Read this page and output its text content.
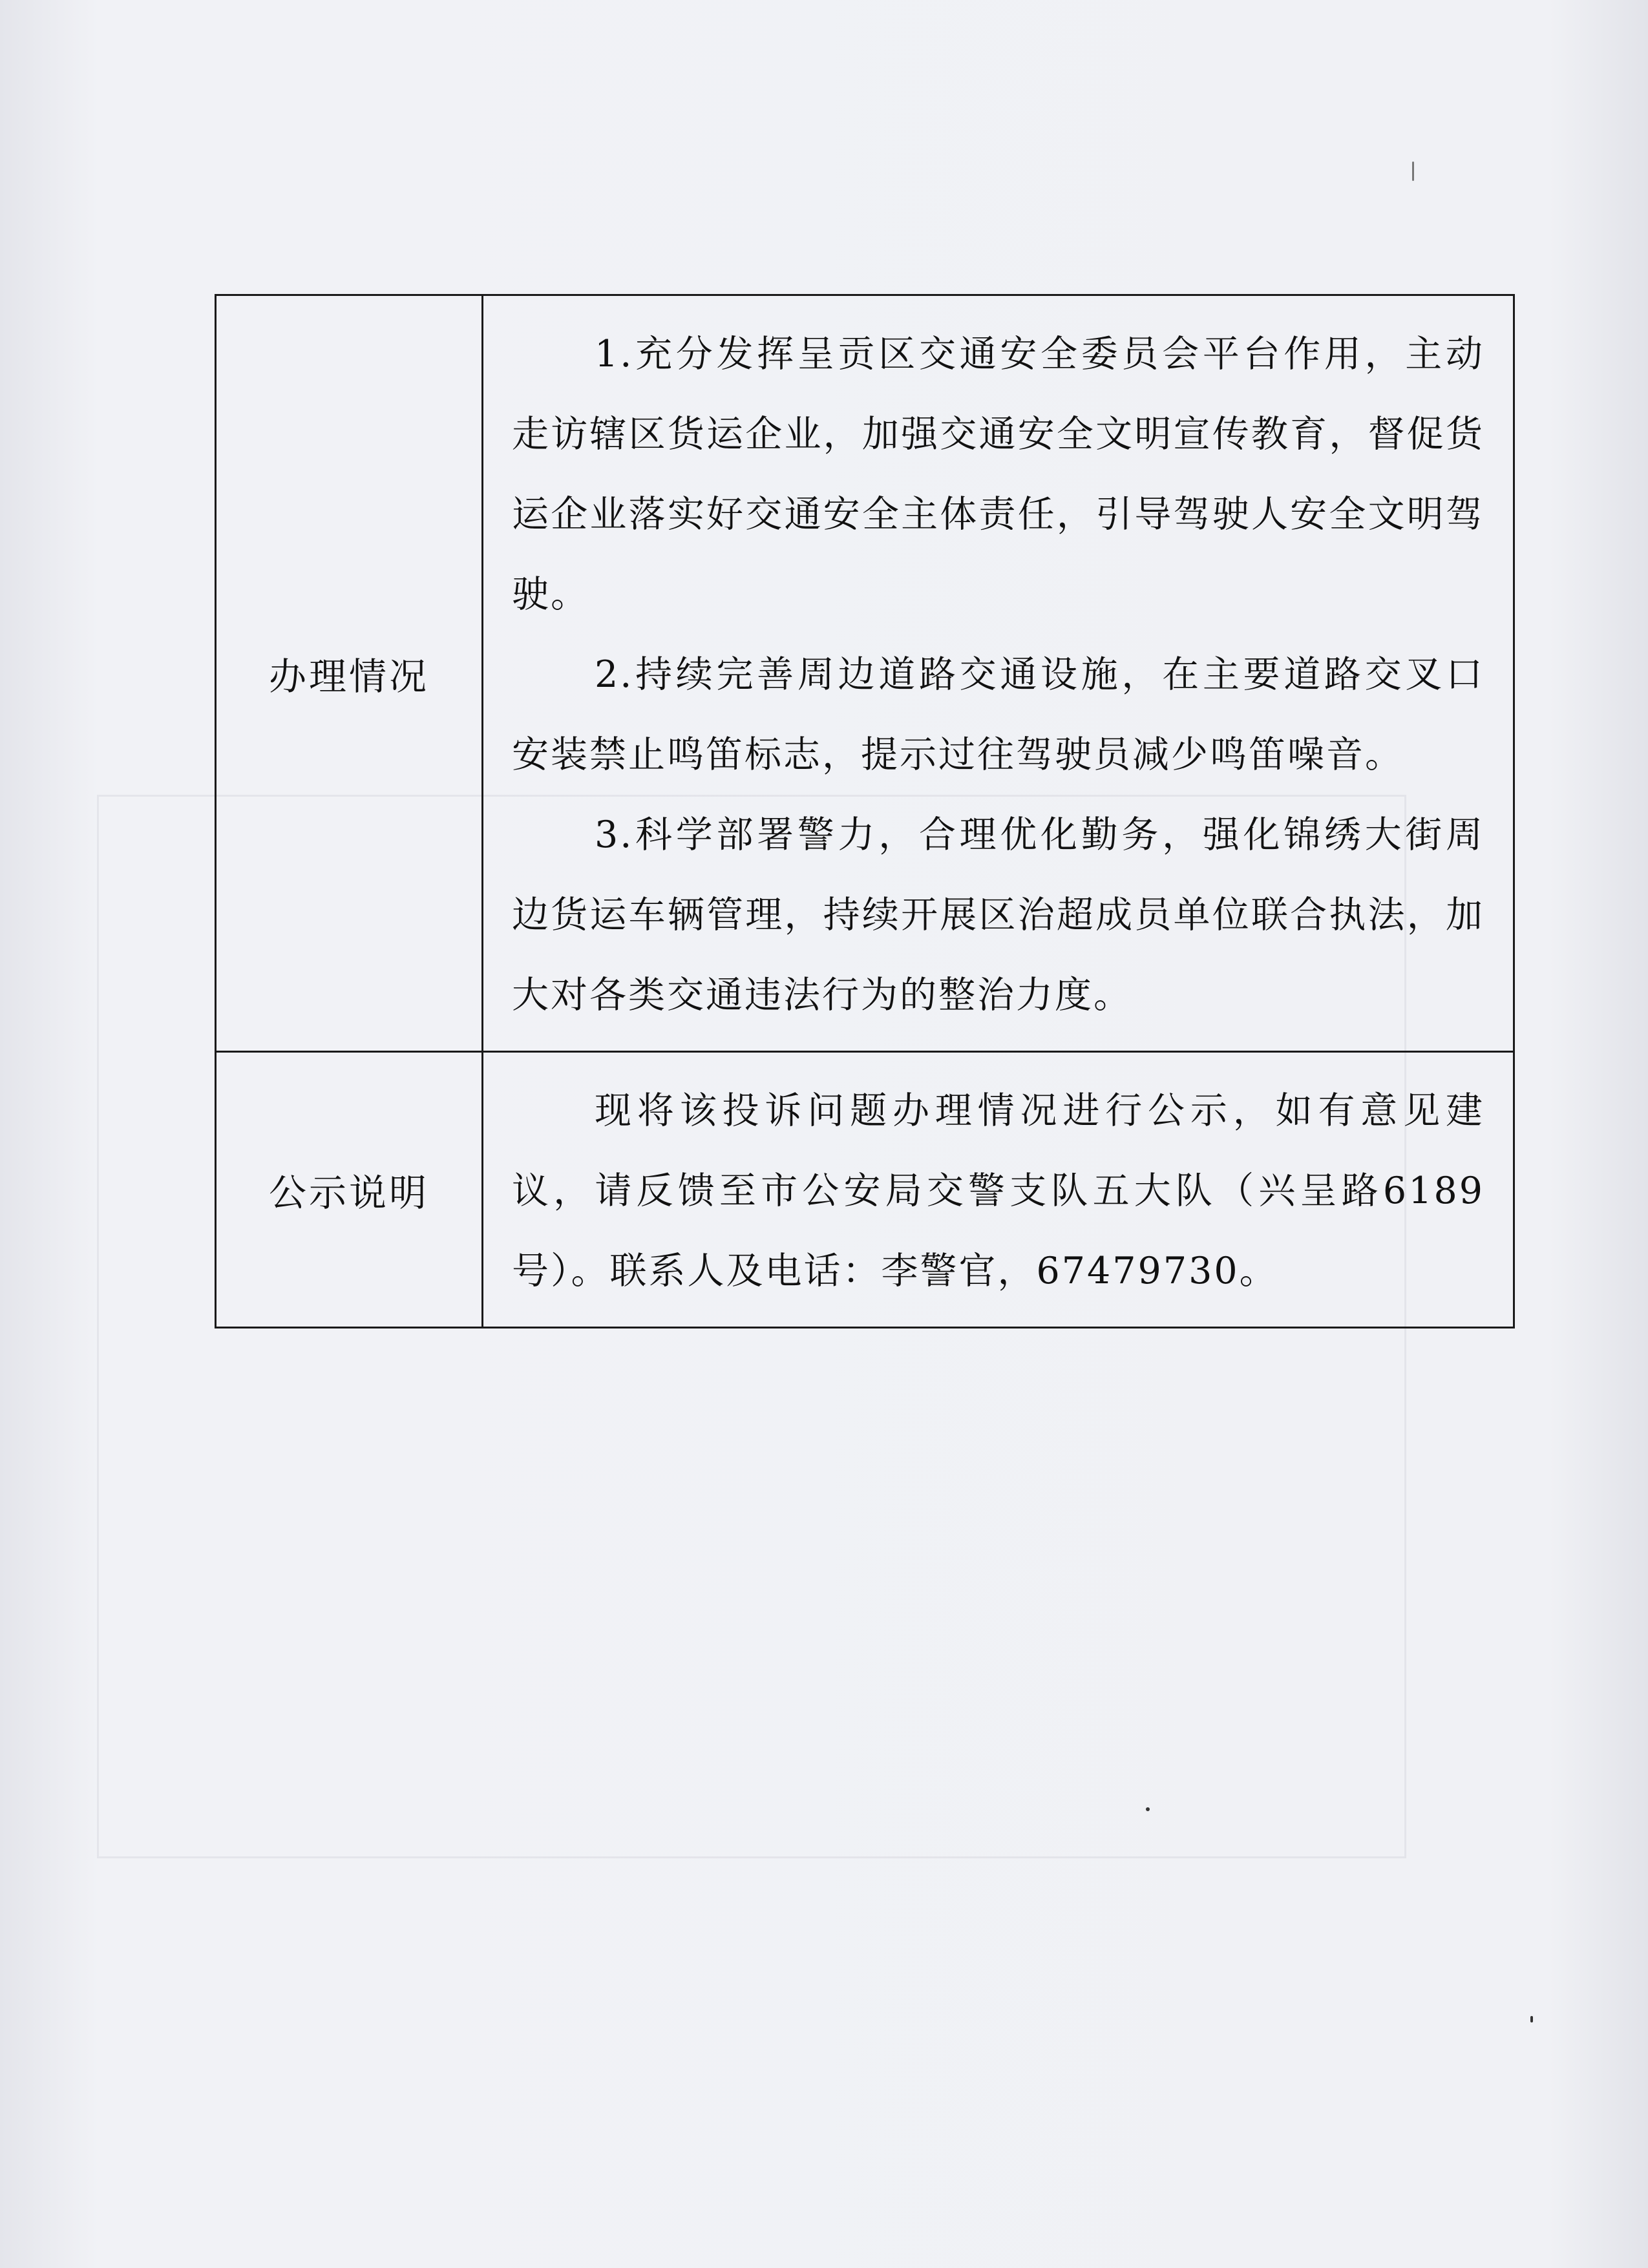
办理情况	1.充分发挥呈贡区交通安全委员会平台作用，主动走访辖区货运企业，加强交通安全文明宣传教育，督促货运企业落实好交通安全主体责任，引导驾驶人安全文明驾驶。

2.持续完善周边道路交通设施，在主要道路交叉口安装禁止鸣笛标志，提示过往驾驶员减少鸣笛噪音。

3.科学部署警力，合理优化勤务，强化锦绣大街周边货运车辆管理，持续开展区治超成员单位联合执法，加大对各类交通违法行为的整治力度。

公示说明	现将该投诉问题办理情况进行公示，如有意见建议，请反馈至市公安局交警支队五大队（兴呈路6189号）。联系人及电话：李警官，67479730。
